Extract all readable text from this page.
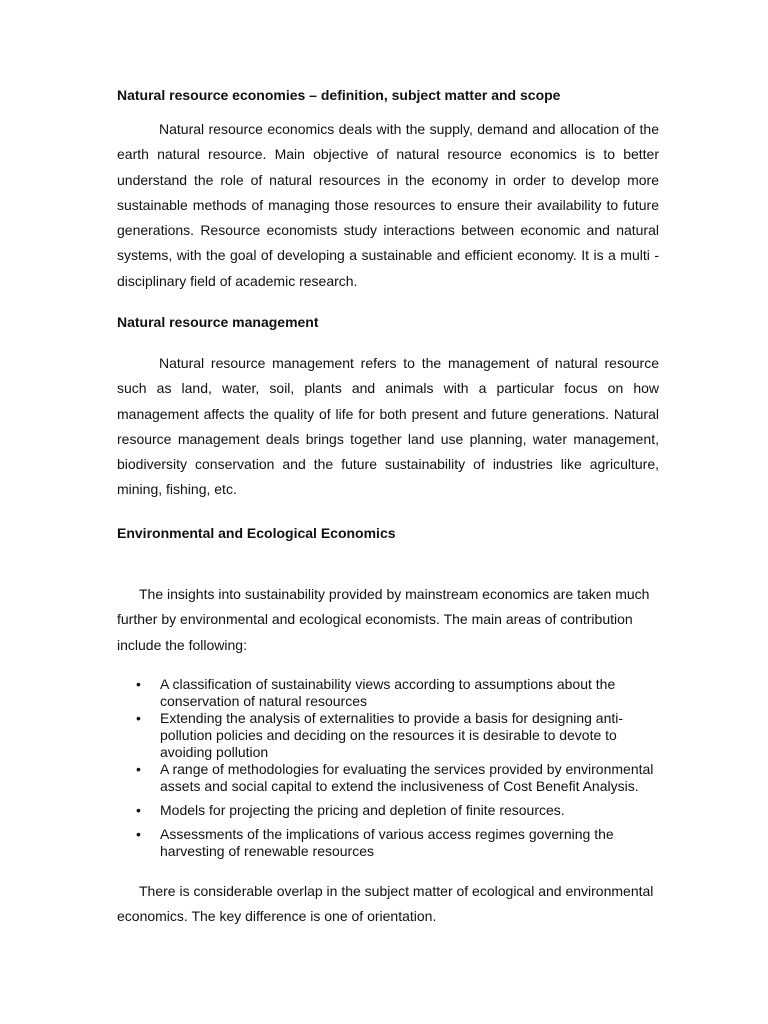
Natural resource economies – definition, subject matter and scope

Natural resource economics deals with the supply, demand and allocation of the earth natural resource. Main objective of natural resource economics is to better understand the role of natural resources in the economy in order to develop more sustainable methods of managing those resources to ensure their availability to future generations. Resource economists study interactions between economic and natural systems, with the goal of developing a sustainable and efficient economy. It is a multi - disciplinary field of academic research.

Natural resource management

Natural resource management refers to the management of natural resource such as land, water, soil, plants and animals with a particular focus on how management affects the quality of life for both present and future generations. Natural resource management deals brings together land use planning, water management, biodiversity conservation and the future sustainability of industries like agriculture, mining, fishing, etc.

Environmental and Ecological Economics

The insights into sustainability provided by mainstream economics are taken much further by environmental and ecological economists. The main areas of contribution include the following:

• A classification of sustainability views according to assumptions about the conservation of natural resources
• Extending the analysis of externalities to provide a basis for designing anti-pollution policies and deciding on the resources it is desirable to devote to avoiding pollution
• A range of methodologies for evaluating the services provided by environmental assets and social capital to extend the inclusiveness of Cost Benefit Analysis.
• Models for projecting the pricing and depletion of finite resources.
• Assessments of the implications of various access regimes governing the harvesting of renewable resources

There is considerable overlap in the subject matter of ecological and environmental economics. The key difference is one of orientation.
